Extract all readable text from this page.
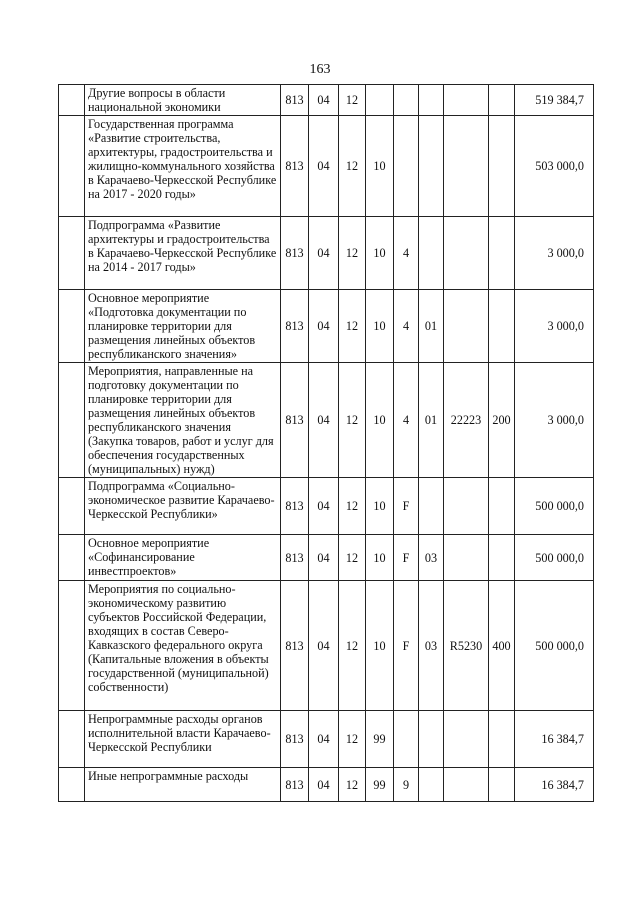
163
	Другие вопросы в области национальной экономики	813	04	12						519 384,7
	Государственная программа «Развитие строительства, архитектуры, градостроительства и жилищно-коммунального хозяйства в Карачаево-Черкесской Республике на 2017 - 2020 годы»	813	04	12	10					503 000,0
	Подпрограмма «Развитие архитектуры и градостроительства в Карачаево-Черкесской Республике на 2014 - 2017 годы»	813	04	12	10	4				3 000,0
	Основное мероприятие «Подготовка документации по планировке территории для размещения линейных объектов республиканского значения»	813	04	12	10	4	01			3 000,0
	Мероприятия, направленные на подготовку документации по планировке территории для размещения линейных объектов республиканского значения (Закупка товаров, работ и услуг для обеспечения государственных (муниципальных) нужд)	813	04	12	10	4	01	22223	200	3 000,0
	Подпрограмма «Социально-экономическое развитие Карачаево-Черкесской Республики»	813	04	12	10	F				500 000,0
	Основное мероприятие «Софинансирование инвестпроектов»	813	04	12	10	F	03			500 000,0
	Мероприятия по социально-экономическому развитию субъектов Российской Федерации, входящих в состав Северо-Кавказского федерального округа (Капитальные вложения в объекты государственной (муниципальной) собственности)	813	04	12	10	F	03	R5230	400	500 000,0
	Непрограммные расходы органов исполнительной власти Карачаево-Черкесской Республики	813	04	12	99					16 384,7
	Иные непрограммные расходы	813	04	12	99	9				16 384,7
